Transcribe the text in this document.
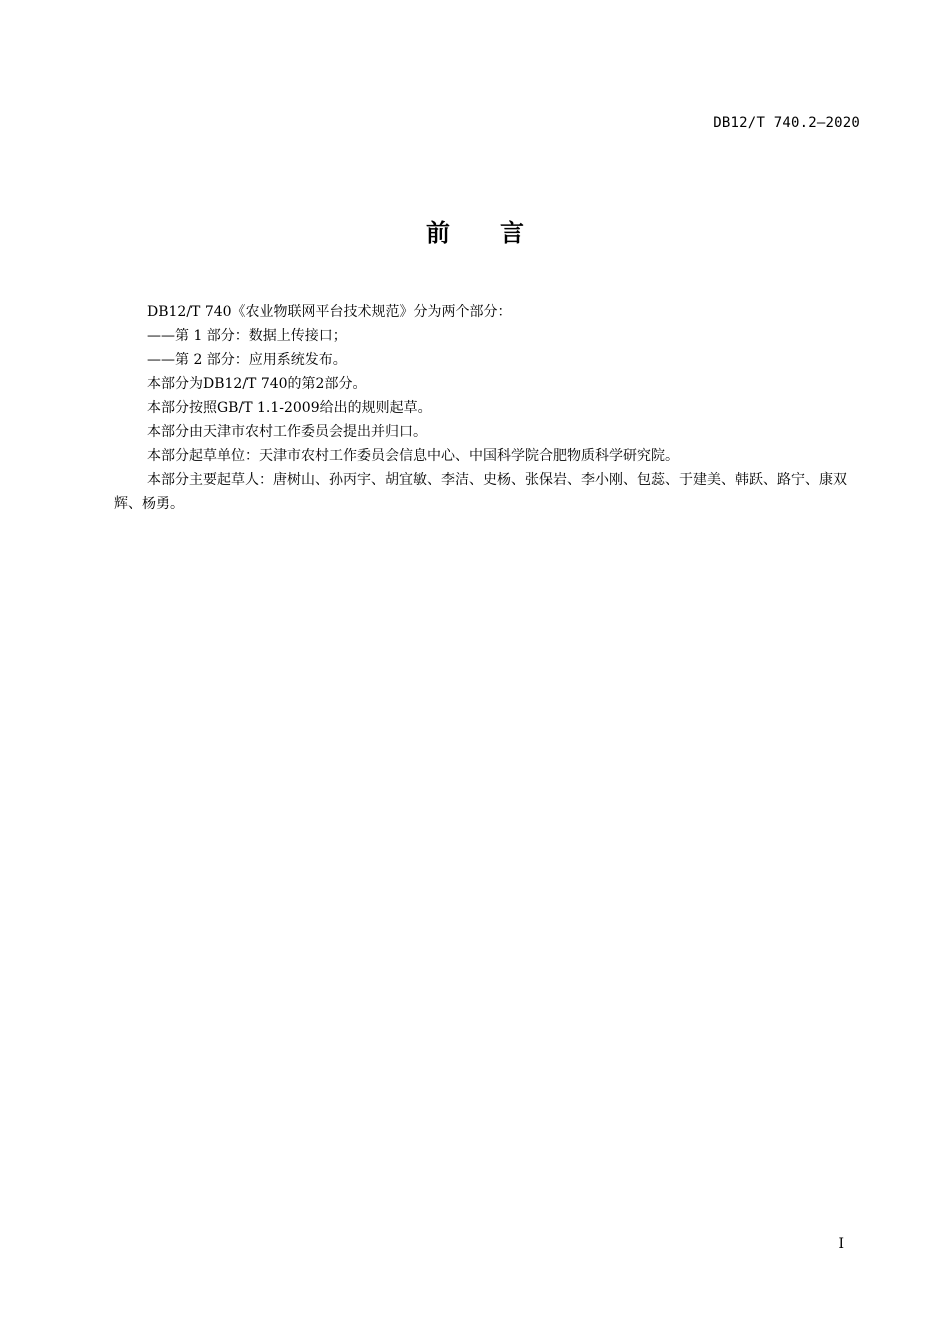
DB12/T 740.2—2020
前言

DB12/T 740《农业物联网平台技术规范》分为两个部分：

——第 1 部分：数据上传接口；

——第 2 部分：应用系统发布。

本部分为DB12/T 740的第2部分。

本部分按照GB/T 1.1-2009给出的规则起草。

本部分由天津市农村工作委员会提出并归口。

本部分起草单位：天津市农村工作委员会信息中心、中国科学院合肥物质科学研究院。

本部分主要起草人：唐树山、孙丙宇、胡宜敏、李洁、史杨、张保岩、李小刚、包蕊、于建美、韩跃、路宁、康双辉、杨勇。

I
